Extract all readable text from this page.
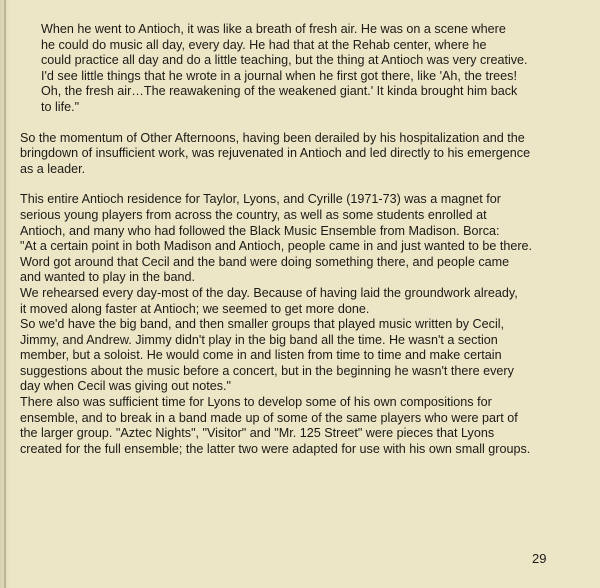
When he went to Antioch, it was like a breath of fresh air. He was on a scene where
he could do music all day, every day. He had that at the Rehab center, where he
could practice all day and do a little teaching, but the thing at Antioch was very creative.
I'd see little things that he wrote in a journal when he first got there, like 'Ah, the trees!
Oh, the fresh air…The reawakening of the weakened giant.' It kinda brought him back
to life."
So the momentum of Other Afternoons, having been derailed by his hospitalization and the
bringdown of insufficient work, was rejuvenated in Antioch and led directly to his emergence
as a leader.
This entire Antioch residence for Taylor, Lyons, and Cyrille (1971-73) was a magnet for
serious young players from across the country, as well as some students enrolled at
Antioch, and many who had followed the Black Music Ensemble from Madison. Borca:
"At a certain point in both Madison and Antioch, people came in and just wanted to be there.
Word got around that Cecil and the band were doing something there, and people came
and wanted to play in the band.
We rehearsed every day-most of the day. Because of having laid the groundwork already,
it moved along faster at Antioch; we seemed to get more done.
So we'd have the big band, and then smaller groups that played music written by Cecil,
Jimmy, and Andrew. Jimmy didn't play in the big band all the time. He wasn't a section
member, but a soloist. He would come in and listen from time to time and make certain
suggestions about the music before a concert, but in the beginning he wasn't there every
day when Cecil was giving out notes."
There also was sufficient time for Lyons to develop some of his own compositions for
ensemble, and to break in a band made up of some of the same players who were part of
the larger group. "Aztec Nights", "Visitor" and "Mr. 125 Street" were pieces that Lyons
created for the full ensemble; the latter two were adapted for use with his own small groups.
29
